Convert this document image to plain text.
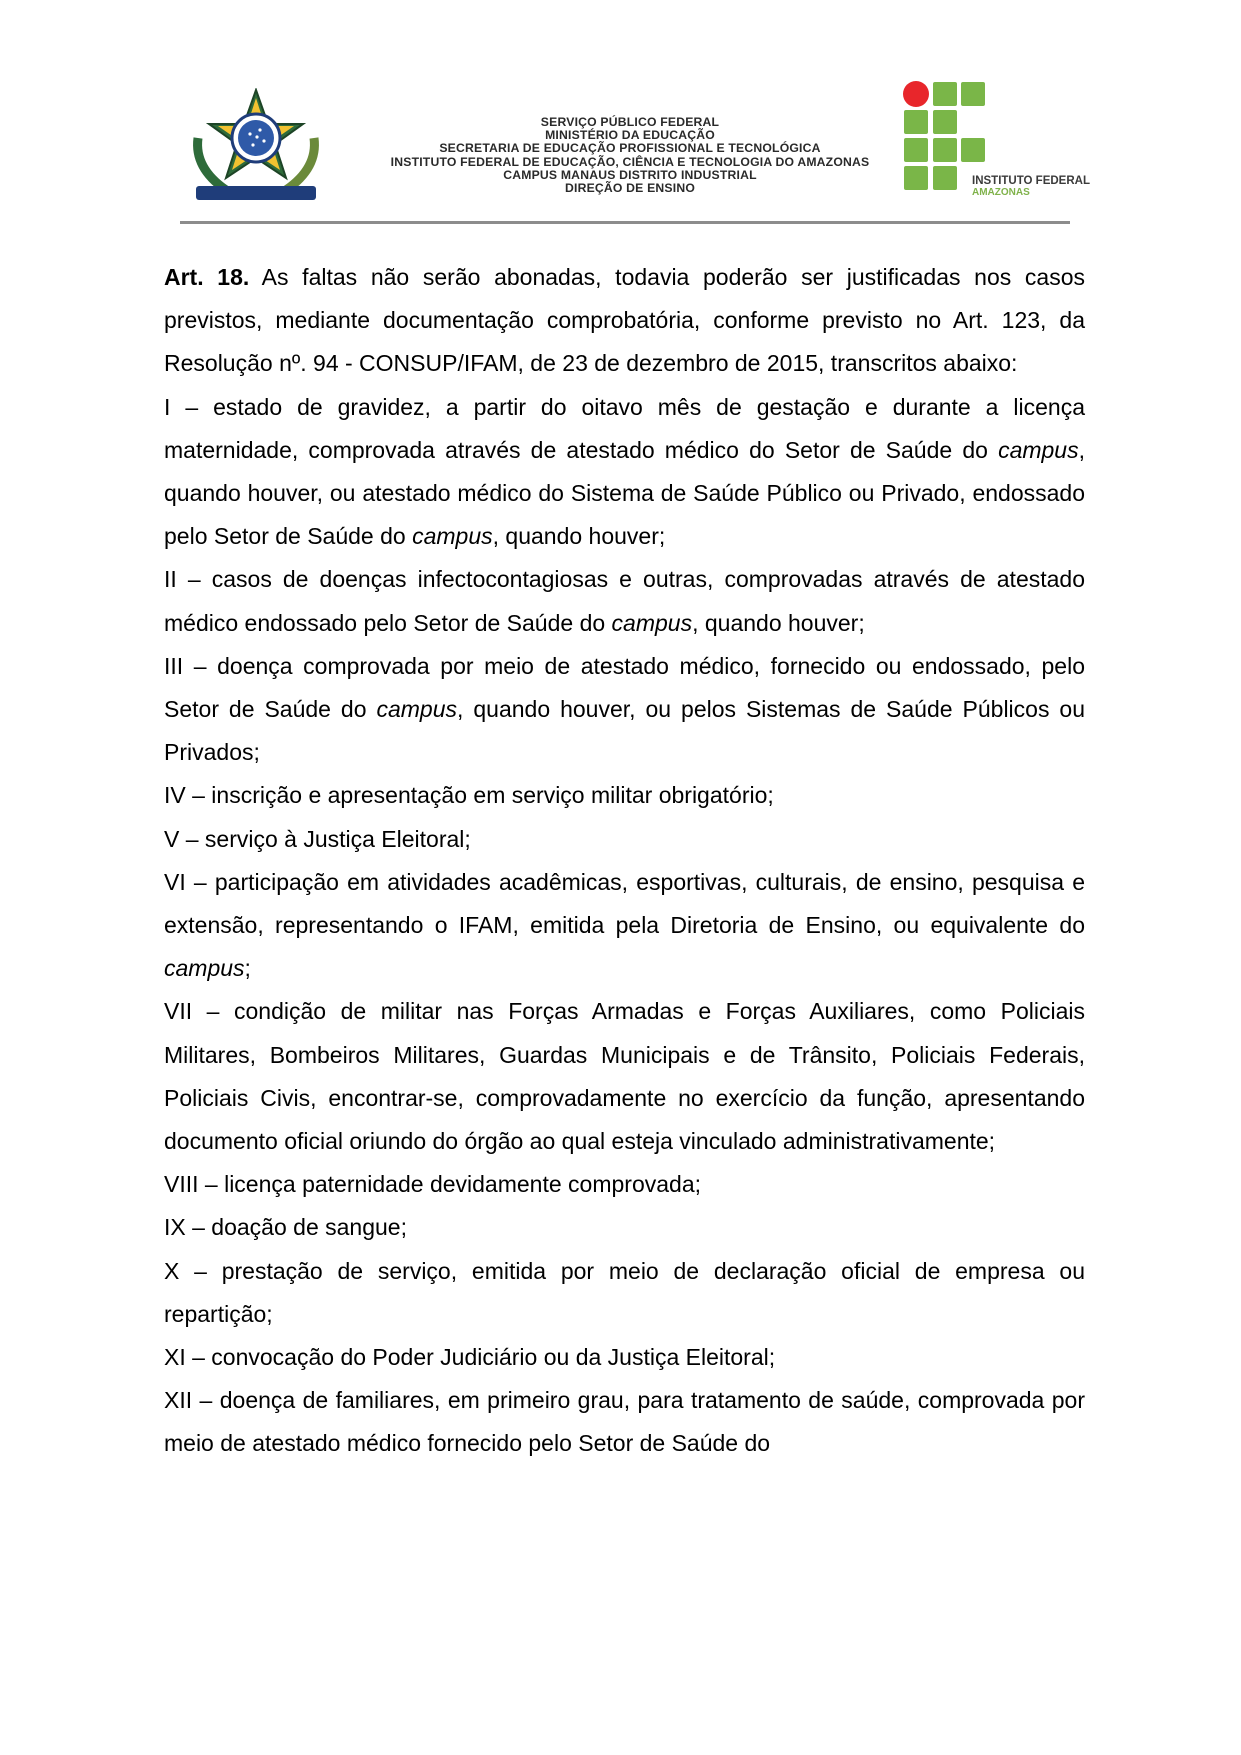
SERVIÇO PÚBLICO FEDERAL
MINISTÉRIO DA EDUCAÇÃO
SECRETARIA DE EDUCAÇÃO PROFISSIONAL E TECNOLÓGICA
INSTITUTO FEDERAL DE EDUCAÇÃO, CIÊNCIA E TECNOLOGIA DO AMAZONAS
CAMPUS MANAUS DISTRITO INDUSTRIAL
DIREÇÃO DE ENSINO
INSTITUTO FEDERAL
AMAZONAS

Art. 18. As faltas não serão abonadas, todavia poderão ser justificadas nos casos previstos, mediante documentação comprobatória, conforme previsto no Art. 123, da Resolução nº. 94 - CONSUP/IFAM, de 23 de dezembro de 2015, transcritos abaixo:

I – estado de gravidez, a partir do oitavo mês de gestação e durante a licença maternidade, comprovada através de atestado médico do Setor de Saúde do campus, quando houver, ou atestado médico do Sistema de Saúde Público ou Privado, endossado pelo Setor de Saúde do campus, quando houver;

II – casos de doenças infectocontagiosas e outras, comprovadas através de atestado médico endossado pelo Setor de Saúde do campus, quando houver;

III – doença comprovada por meio de atestado médico, fornecido ou endossado, pelo Setor de Saúde do campus, quando houver, ou pelos Sistemas de Saúde Públicos ou Privados;

IV – inscrição e apresentação em serviço militar obrigatório;

V – serviço à Justiça Eleitoral;

VI – participação em atividades acadêmicas, esportivas, culturais, de ensino, pesquisa e extensão, representando o IFAM, emitida pela Diretoria de Ensino, ou equivalente do campus;

VII – condição de militar nas Forças Armadas e Forças Auxiliares, como Policiais Militares, Bombeiros Militares, Guardas Municipais e de Trânsito, Policiais Federais, Policiais Civis, encontrar-se, comprovadamente no exercício da função, apresentando documento oficial oriundo do órgão ao qual esteja vinculado administrativamente;

VIII – licença paternidade devidamente comprovada;

IX – doação de sangue;

X – prestação de serviço, emitida por meio de declaração oficial de empresa ou repartição;

XI – convocação do Poder Judiciário ou da Justiça Eleitoral;

XII – doença de familiares, em primeiro grau, para tratamento de saúde, comprovada por meio de atestado médico fornecido pelo Setor de Saúde do
